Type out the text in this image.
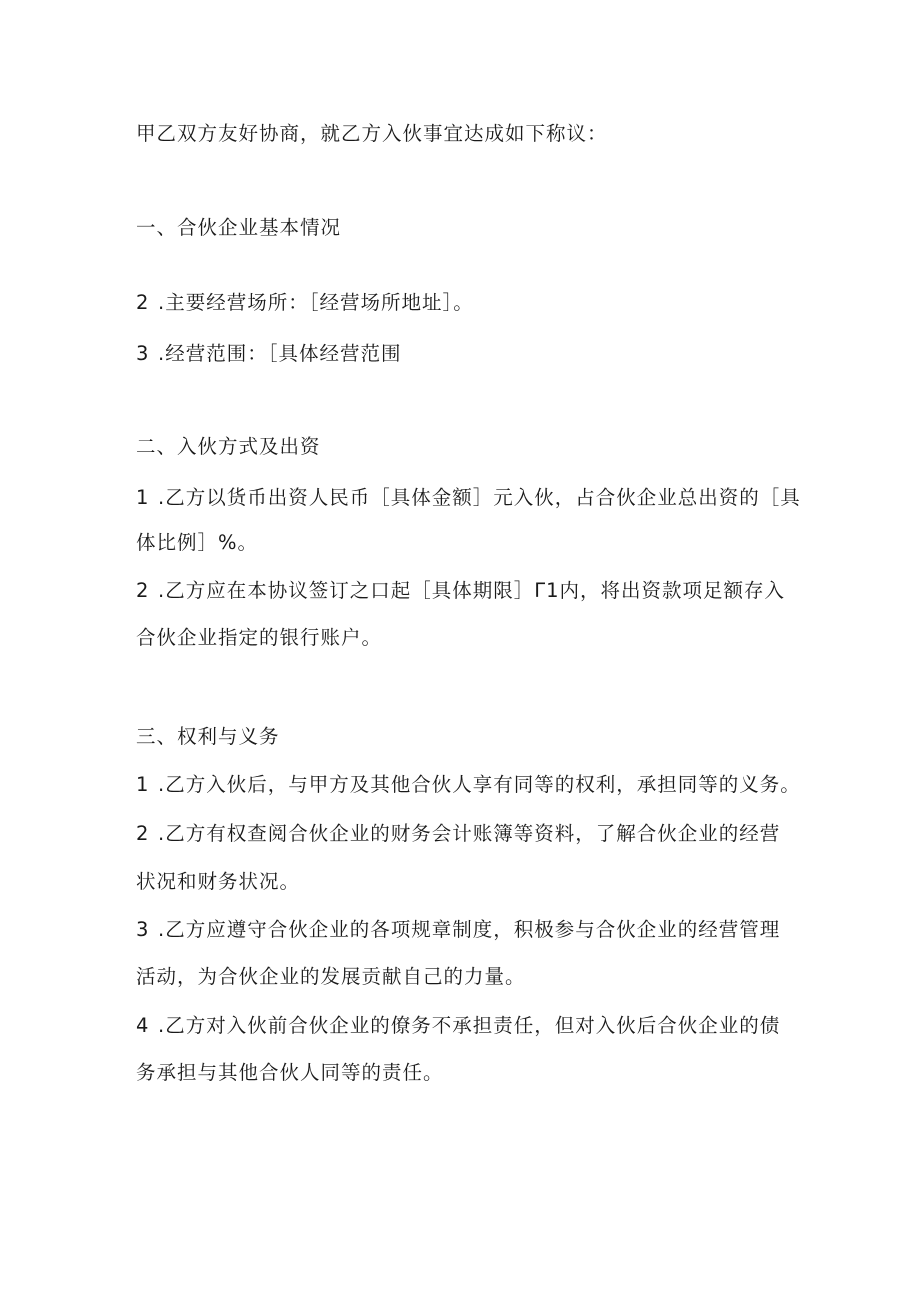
甲乙双方友好协商，就乙方入伙事宜达成如下称议：
一、合伙企业基本情况
2 .主要经营场所：［经营场所地址］。
3 .经营范围：［具体经营范围
二、入伙方式及出资
1 .乙方以货币出资人民币［具体金额］元入伙，占合伙企业总出资的［具
体比例］%。
2 .乙方应在本协议签订之口起［具体期限］Γ1内，将出资款项足额存入
合伙企业指定的银行账户。
三、权利与义务
1 .乙方入伙后，与甲方及其他合伙人享有同等的权利，承担同等的义务。
2 .乙方有权查阅合伙企业的财务会计账簿等资料，了解合伙企业的经营
状况和财务状况。
3 .乙方应遵守合伙企业的各项规章制度，积极参与合伙企业的经营管理
活动，为合伙企业的发展贡献自己的力量。
4 .乙方对入伙前合伙企业的僚务不承担责任，但对入伙后合伙企业的债
务承担与其他合伙人同等的责任。
